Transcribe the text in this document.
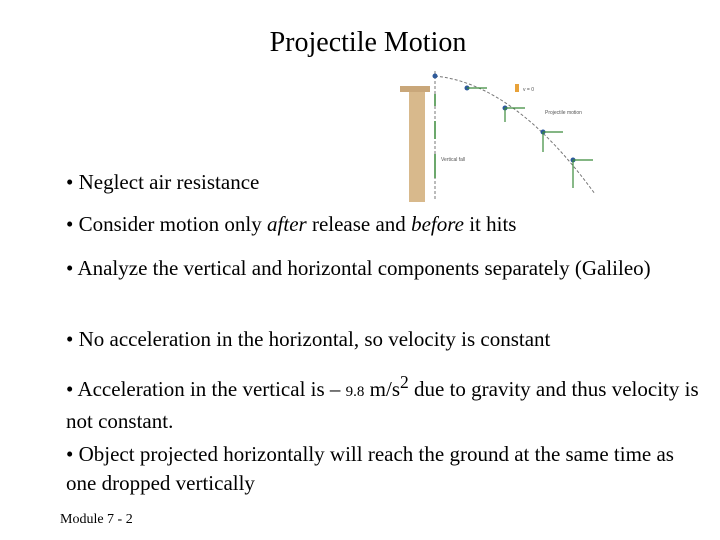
Projectile Motion
v = 0
Projectile motion
Vertical fall
• Neglect air resistance
• Consider motion only after release and before it hits
• Analyze the vertical and horizontal components separately (Galileo)
• No acceleration in the horizontal, so velocity is constant
• Acceleration in the vertical is – 9.8 $m/s^2$ due to gravity and thus velocity is not constant.
• Object projected horizontally will reach the ground at the same time as one dropped vertically
Module 7 - 2
